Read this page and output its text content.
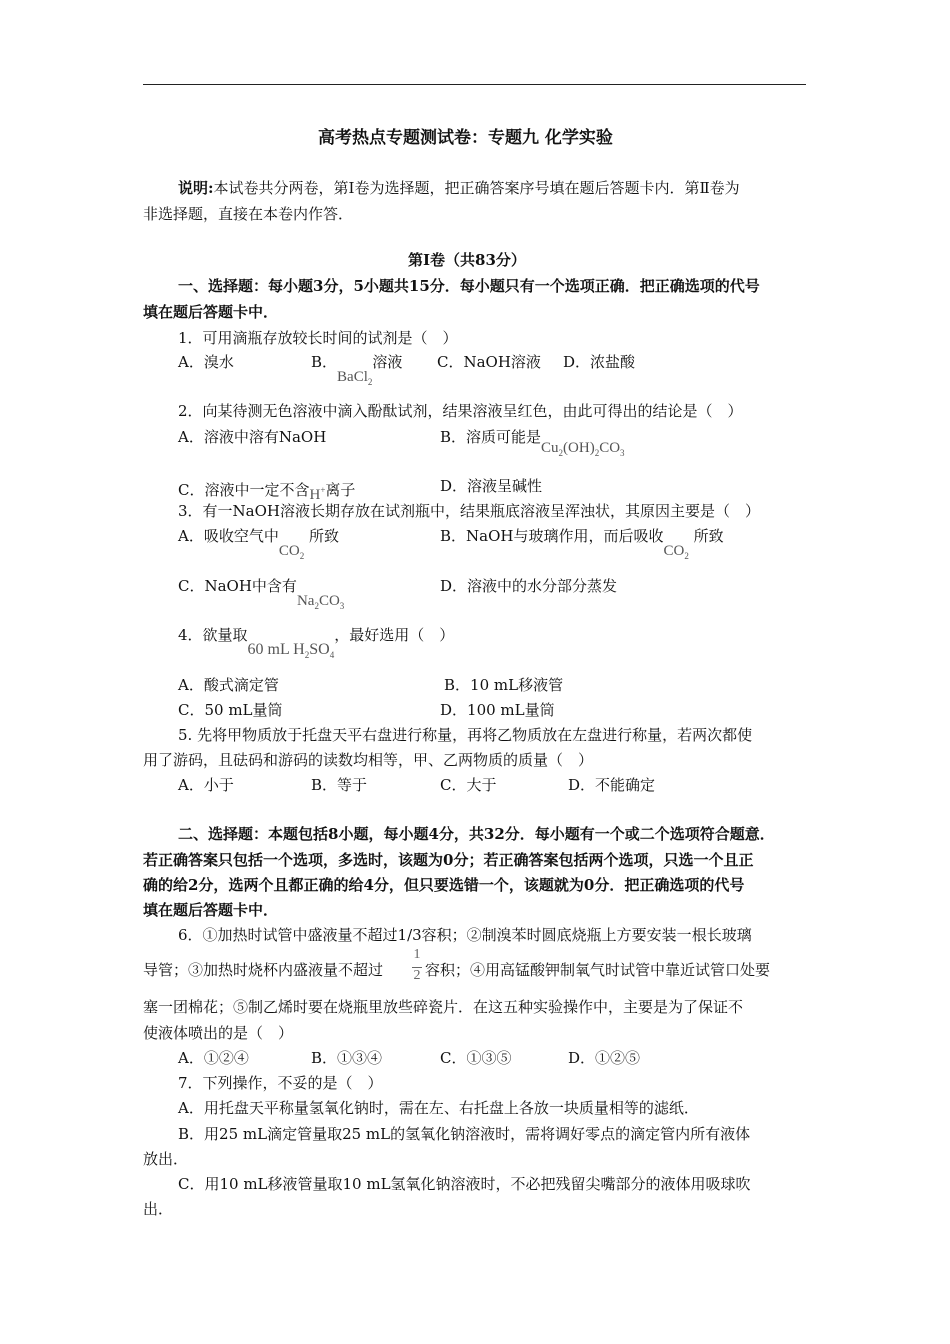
高考热点专题测试卷：专题九 化学实验
说明:本试卷共分两卷，第Ⅰ卷为选择题，把正确答案序号填在题后答题卡内．第Ⅱ卷为
非选择题，直接在本卷内作答．
第Ⅰ卷（共83分）
一、选择题：每小题3分，5小题共15分．每小题只有一个选项正确．把正确选项的代号
填在题后答题卡中．
1．可用滴瓶存放较长时间的试剂是（　）
A．溴水	B．BaCl$_2$溶液 C．NaOH溶液 D．浓盐酸
2．向某待测无色溶液中滴入酚酞试剂，结果溶液呈红色，由此可得出的结论是（　）
A．溶液中溶有NaOH	B．溶质可能是$Cu_2(OH)_2CO_3$
C．溶液中一定不含H+离子	D．溶液呈碱性
3．有一NaOH溶液长期存放在试剂瓶中，结果瓶底溶液呈浑浊状，其原因主要是（　）
A．吸收空气中$CO_2$ 所致	B．NaOH与玻璃作用，而后吸收$CO_2$ 所致
C．NaOH中含有$Na_2CO_3$
D．溶液中的水分部分蒸发
4．欲量取60 mL $H_2SO_4$，最好选用（　）
A．酸式滴定管	B．10 mL移液管
C．50 mL量筒	D．100 mL量筒
5. 先将甲物质放于托盘天平右盘进行称量，再将乙物质放在左盘进行称量，若两次都使
用了游码，且砝码和游码的读数均相等，甲、乙两物质的质量（　）
A．小于	B．等于	C．大于	D．不能确定
二、选择题：本题包括8小题，每小题4分，共32分．每小题有一个或二个选项符合题意．
若正确答案只包括一个选项，多选时，该题为0分；若正确答案包括两个选项，只选一个且正
确的给2分，选两个且都正确的给4分，但只要选错一个，该题就为0分．把正确选项的代号
填在题后答题卡中．
6．①加热时试管中盛液量不超过1/3容积；②制溴苯时圆底烧瓶上方要安装一根长玻璃
导管；③加热时烧杯内盛液量不超过
1
2 容积；④用高锰酸钾制氧气时试管中靠近试管口处要
塞一团棉花；⑤制乙烯时要在烧瓶里放些碎瓷片．在这五种实验操作中，主要是为了保证不
使液体喷出的是（　）
A．①②④	B．①③④	C．①③⑤	D．①②⑤
7．下列操作，不妥的是（　）
A．用托盘天平称量氢氧化钠时，需在左、右托盘上各放一块质量相等的滤纸．
B．用25 mL滴定管量取25 mL的氢氧化钠溶液时，需将调好零点的滴定管内所有液体
放出．
C．用10 mL移液管量取10 mL氢氧化钠溶液时，不必把残留尖嘴部分的液体用吸球吹
出．
